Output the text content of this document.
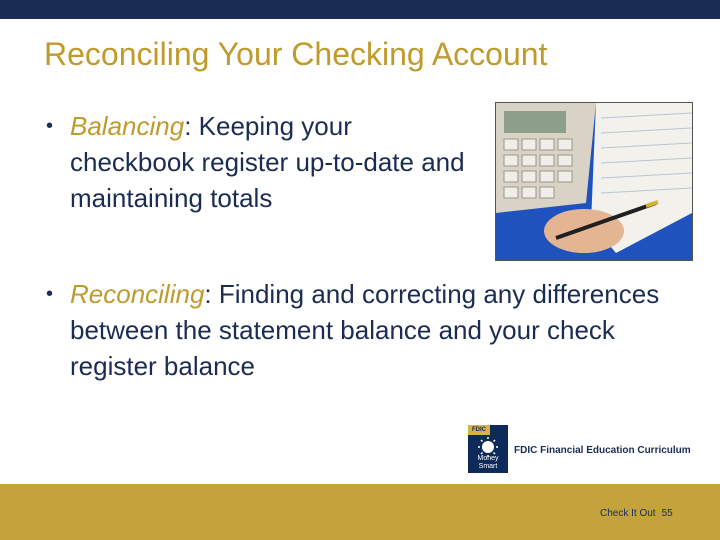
Reconciling Your Checking Account
• Balancing: Keeping your checkbook register up-to-date and maintaining totals
• Reconciling: Finding and correcting any differences between the statement balance and your check register balance
FDIC
Money Smart
FDIC Financial Education Curriculum
Check It Out 55
